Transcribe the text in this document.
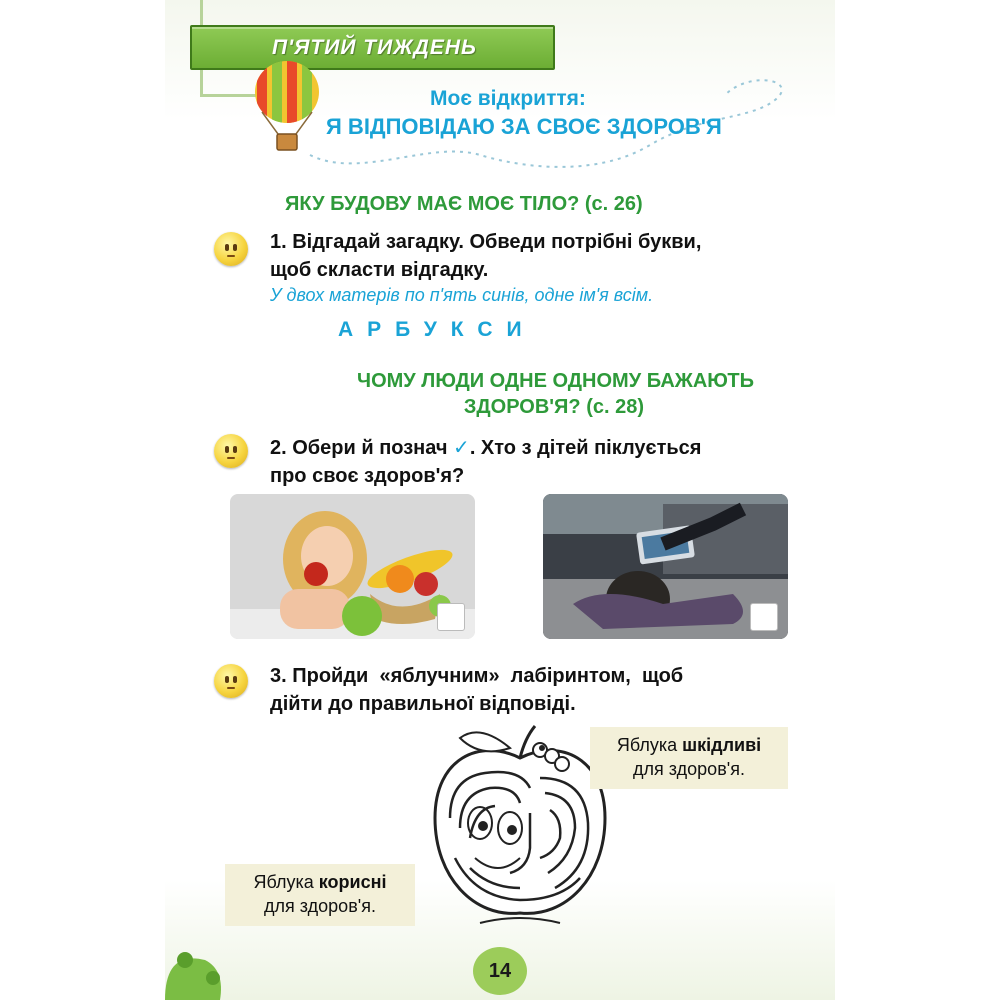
П'ЯТИЙ ТИЖДЕНЬ
Моє відкриття:
Я ВІДПОВІДАЮ ЗА СВОЄ ЗДОРОВ'Я
ЯКУ БУДОВУ МАЄ МОЄ ТІЛО? (с. 26)
1. Відгадай загадку. Обведи потрібні букви,
щоб скласти відгадку.
У двох матерів по п'ять синів, одне ім'я всім.
АРБУКСИ
ЧОМУ ЛЮДИ ОДНЕ ОДНОМУ БАЖАЮТЬ
ЗДОРОВ'Я? (с. 28)
2. Обери й познач ✓. Хто з дітей піклується
про своє здоров'я?
3. Пройди  «яблучним»  лабіринтом,  щоб
дійти до правильної відповіді.
Яблука шкідливі
для здоров'я.
Яблука корисні
для здоров'я.
14
